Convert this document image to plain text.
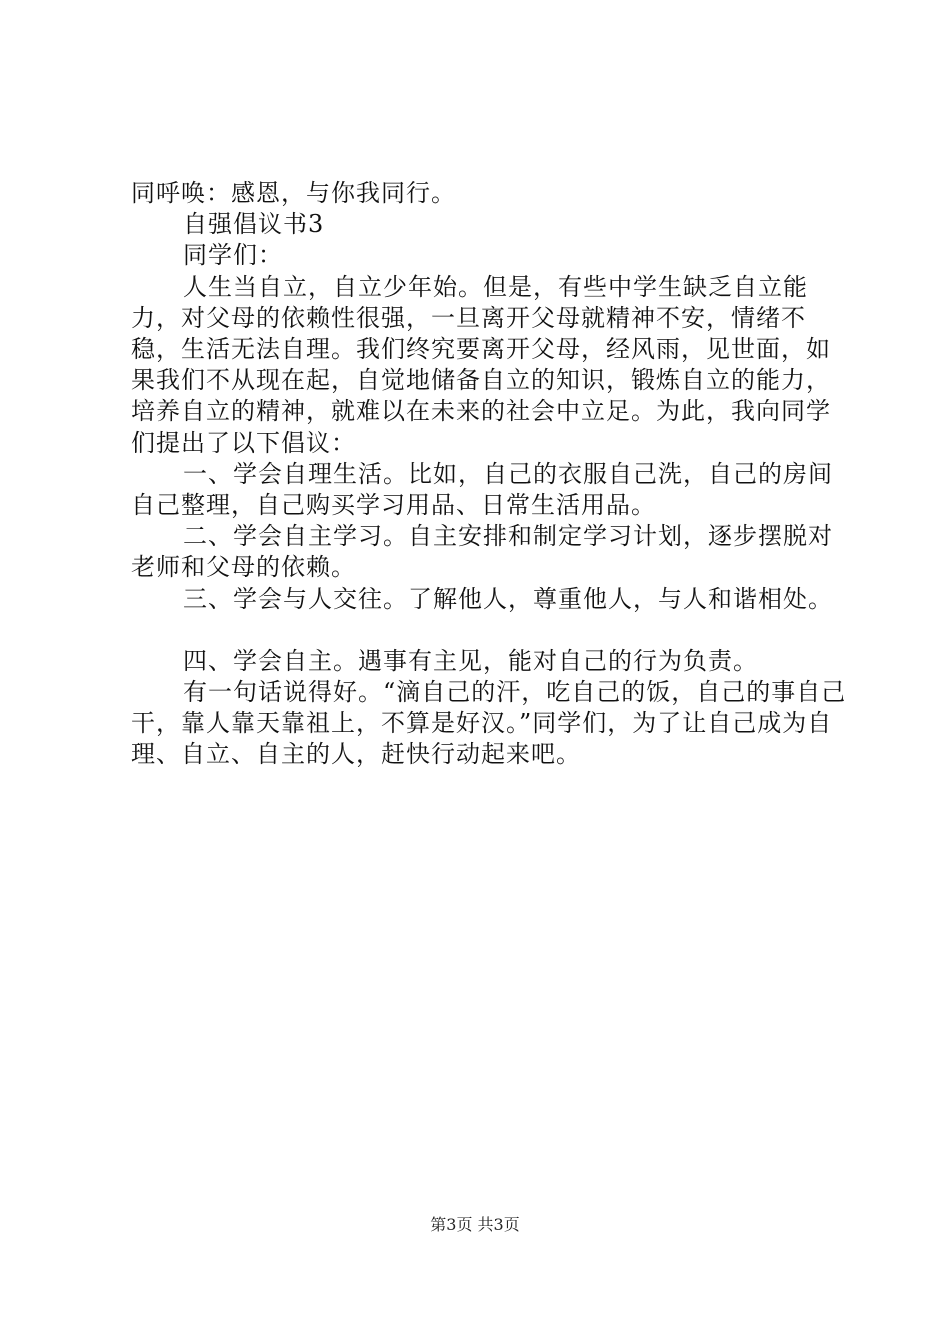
同呼唤：感恩，与你我同行。

自强倡议书3

同学们：

人生当自立，自立少年始。但是，有些中学生缺乏自立能力，对父母的依赖性很强，一旦离开父母就精神不安，情绪不稳，生活无法自理。我们终究要离开父母，经风雨，见世面，如果我们不从现在起，自觉地储备自立的知识，锻炼自立的能力，培养自立的精神，就难以在未来的社会中立足。为此，我向同学们提出了以下倡议：

一、学会自理生活。比如，自己的衣服自己洗，自己的房间自己整理，自己购买学习用品、日常生活用品。

二、学会自主学习。自主安排和制定学习计划，逐步摆脱对老师和父母的依赖。

三、学会与人交往。了解他人，尊重他人，与人和谐相处。

四、学会自主。遇事有主见，能对自己的行为负责。

有一句话说得好。“滴自己的汗，吃自己的饭，自己的事自己干，靠人靠天靠祖上，不算是好汉。”同学们，为了让自己成为自理、自立、自主的人，赶快行动起来吧。

第3页 共3页
